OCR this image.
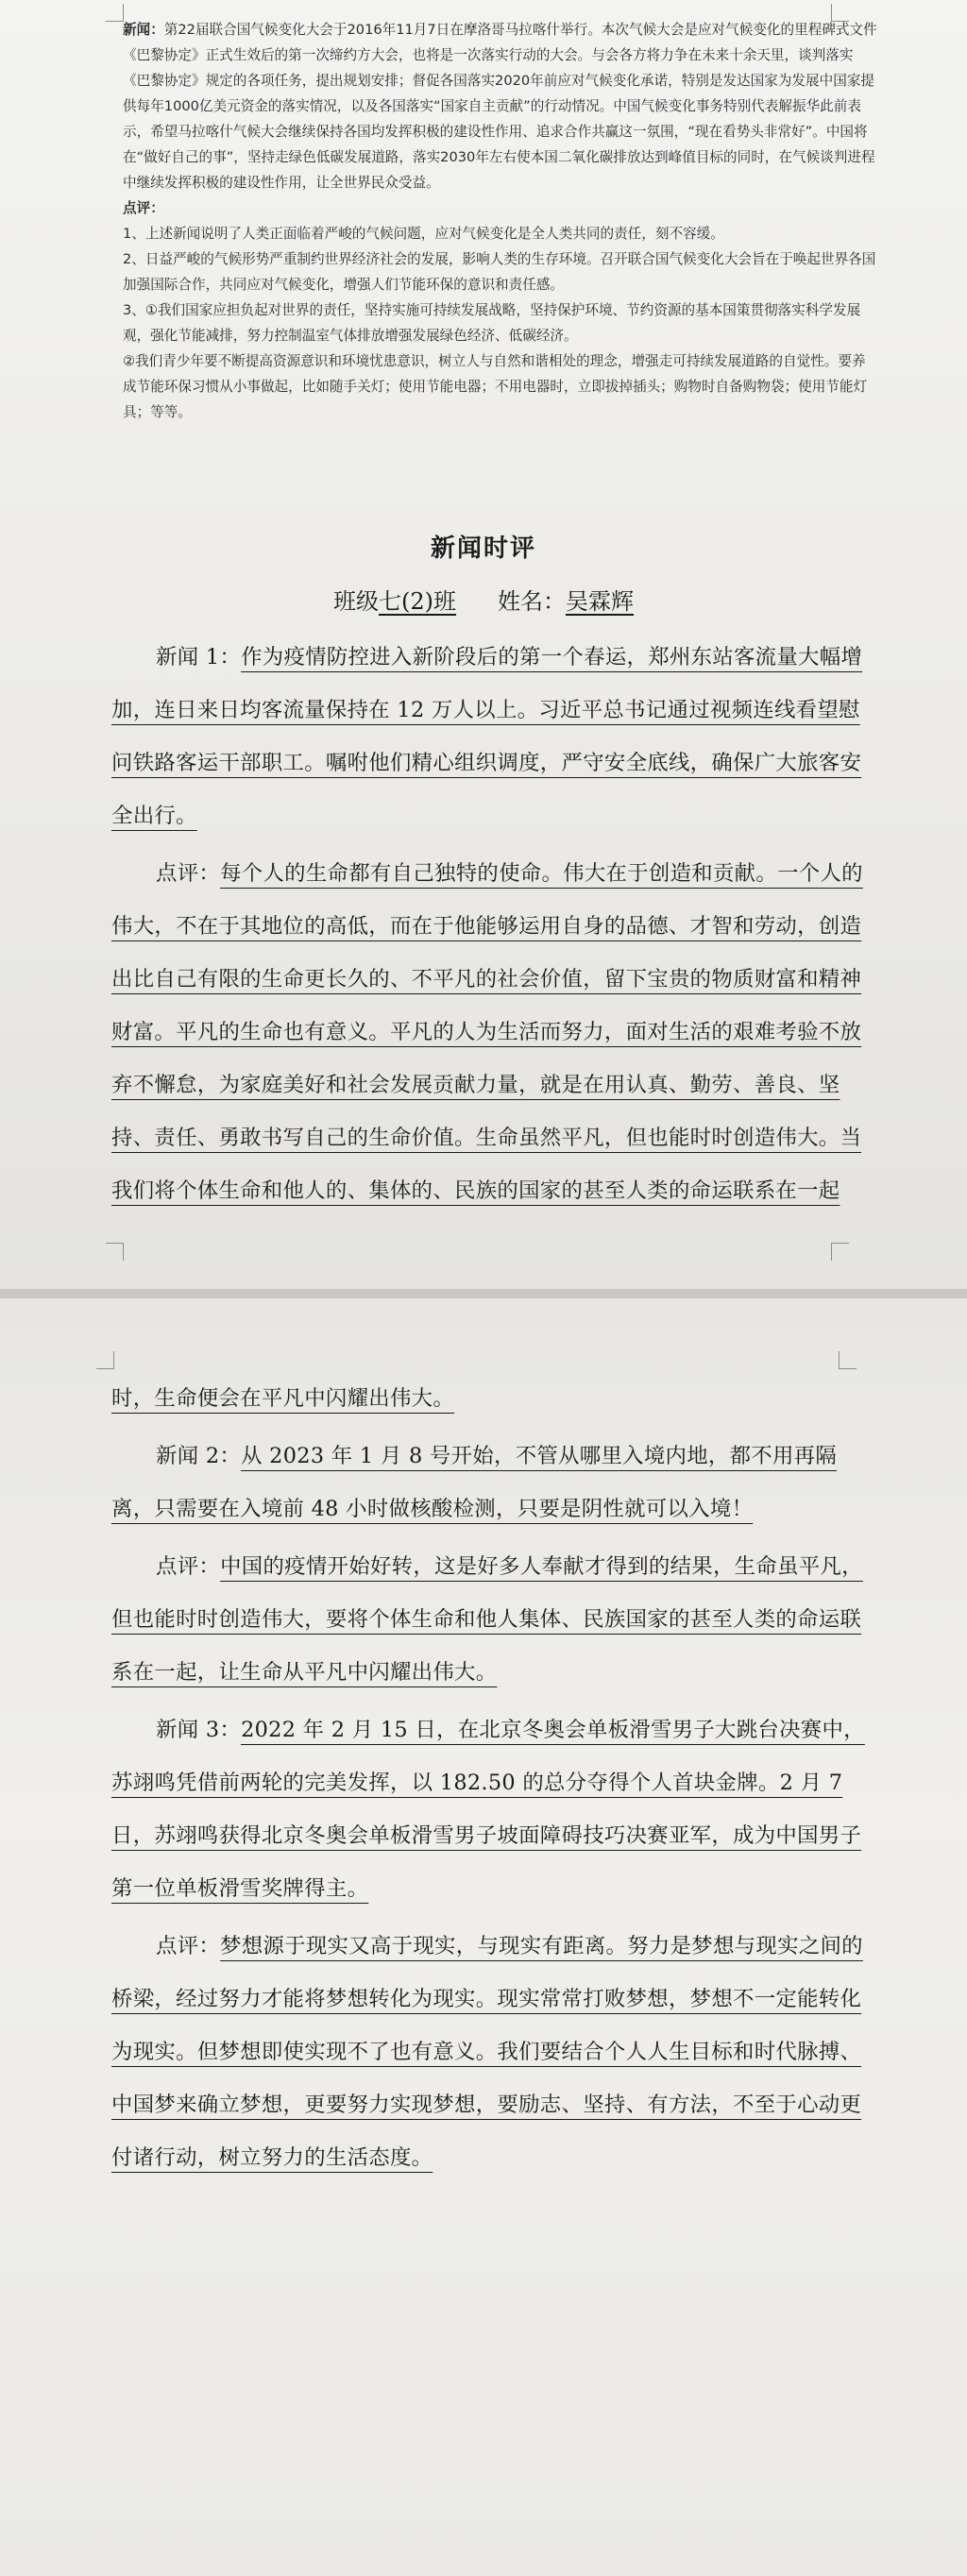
新闻：第22届联合国气候变化大会于2016年11月7日在摩洛哥马拉喀什举行。本次气候大会是应对气候变化的里程碑式文件《巴黎协定》正式生效后的第一次缔约方大会，也将是一次落实行动的大会。与会各方将力争在未来十余天里，谈判落实《巴黎协定》规定的各项任务，提出规划安排；督促各国落实2020年前应对气候变化承诺，特别是发达国家为发展中国家提供每年1000亿美元资金的落实情况，以及各国落实“国家自主贡献”的行动情况。中国气候变化事务特别代表解振华此前表示，希望马拉喀什气候大会继续保持各国均发挥积极的建设性作用、追求合作共赢这一氛围，“现在看势头非常好”。中国将在“做好自己的事”，坚持走绿色低碳发展道路，落实2030年左右使本国二氧化碳排放达到峰值目标的同时，在气候谈判进程中继续发挥积极的建设性作用，让全世界民众受益。

点评：

1、上述新闻说明了人类正面临着严峻的气候问题，应对气候变化是全人类共同的责任，刻不容缓。

2、日益严峻的气候形势严重制约世界经济社会的发展，影响人类的生存环境。召开联合国气候变化大会旨在于唤起世界各国加强国际合作，共同应对气候变化，增强人们节能环保的意识和责任感。

3、①我们国家应担负起对世界的责任，坚持实施可持续发展战略，坚持保护环境、节约资源的基本国策贯彻落实科学发展观，强化节能减排，努力控制温室气体排放增强发展绿色经济、低碳经济。

②我们青少年要不断提高资源意识和环境忧患意识，树立人与自然和谐相处的理念，增强走可持续发展道路的自觉性。要养成节能环保习惯从小事做起，比如随手关灯；使用节能电器；不用电器时，立即拔掉插头；购物时自备购物袋；使用节能灯具；等等。

新闻时评
班级七(2)班 姓名：吴霖辉

新闻 1：作为疫情防控进入新阶段后的第一个春运，郑州东站客流量大幅增加，连日来日均客流量保持在 12 万人以上。习近平总书记通过视频连线看望慰问铁路客运干部职工。嘱咐他们精心组织调度，严守安全底线，确保广大旅客安全出行。

点评：每个人的生命都有自己独特的使命。伟大在于创造和贡献。一个人的伟大，不在于其地位的高低，而在于他能够运用自身的品德、才智和劳动，创造出比自己有限的生命更长久的、不平凡的社会价值，留下宝贵的物质财富和精神财富。平凡的生命也有意义。平凡的人为生活而努力，面对生活的艰难考验不放弃不懈怠，为家庭美好和社会发展贡献力量，就是在用认真、勤劳、善良、坚持、责任、勇敢书写自己的生命价值。生命虽然平凡，但也能时时创造伟大。当我们将个体生命和他人的、集体的、民族的国家的甚至人类的命运联系在一起

时，生命便会在平凡中闪耀出伟大。

新闻 2：从 2023 年 1 月 8 号开始，不管从哪里入境内地，都不用再隔离，只需要在入境前 48 小时做核酸检测，只要是阴性就可以入境！

点评：中国的疫情开始好转，这是好多人奉献才得到的结果，生命虽平凡，但也能时时创造伟大，要将个体生命和他人集体、民族国家的甚至人类的命运联系在一起，让生命从平凡中闪耀出伟大。

新闻 3：2022 年 2 月 15 日，在北京冬奥会单板滑雪男子大跳台决赛中，苏翊鸣凭借前两轮的完美发挥，以 182.50 的总分夺得个人首块金牌。2 月 7 日，苏翊鸣获得北京冬奥会单板滑雪男子坡面障碍技巧决赛亚军，成为中国男子第一位单板滑雪奖牌得主。

点评：梦想源于现实又高于现实，与现实有距离。努力是梦想与现实之间的桥梁，经过努力才能将梦想转化为现实。现实常常打败梦想，梦想不一定能转化为现实。但梦想即使实现不了也有意义。我们要结合个人人生目标和时代脉搏、中国梦来确立梦想，更要努力实现梦想，要励志、坚持、有方法，不至于心动更付诸行动，树立努力的生活态度。
